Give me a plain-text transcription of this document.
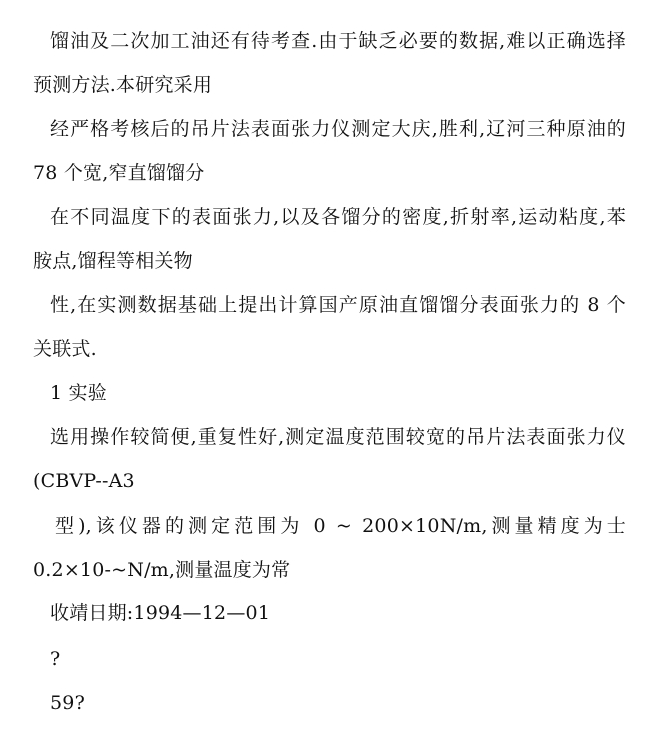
馏油及二次加工油还有待考查.由于缺乏必要的数据,难以正确选择
预测方法.本研究采用
经严格考核后的吊片法表面张力仪测定大庆,胜利,辽河三种原油的
78 个宽,窄直馏馏分
在不同温度下的表面张力,以及各馏分的密度,折射率,运动粘度,苯
胺点,馏程等相关物
性,在实测数据基础上提出计算国产原油直馏馏分表面张力的 8 个
关联式.
1 实验
选用操作较简便,重复性好,测定温度范围较宽的吊片法表面张力仪
(CBVP--A3
型),该仪器的测定范围为 0 ~ 200×10N/m,测量精度为士
0.2×10-~N/m,测量温度为常
收靖日期:1994—12—01
?
59?
